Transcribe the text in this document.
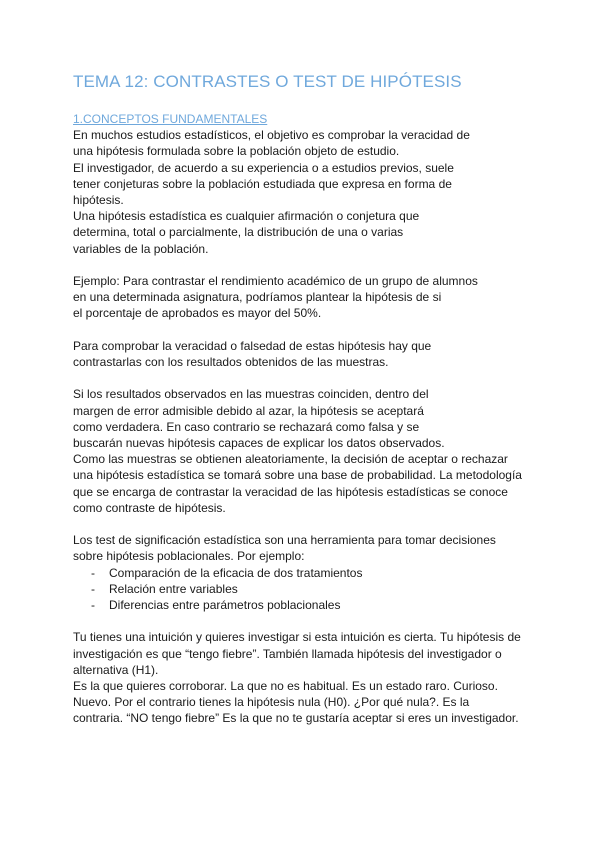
TEMA 12: CONTRASTES O TEST DE HIPÓTESIS
1.CONCEPTOS FUNDAMENTALES

En muchos estudios estadísticos, el objetivo es comprobar la veracidad de
una hipótesis formulada sobre la población objeto de estudio.
El investigador, de acuerdo a su experiencia o a estudios previos, suele
tener conjeturas sobre la población estudiada que expresa en forma de
hipótesis.
Una hipótesis estadística es cualquier afirmación o conjetura que
determina, total o parcialmente, la distribución de una o varias
variables de la población.

Ejemplo: Para contrastar el rendimiento académico de un grupo de alumnos
en una determinada asignatura, podríamos plantear la hipótesis de si
el porcentaje de aprobados es mayor del 50%.

Para comprobar la veracidad o falsedad de estas hipótesis hay que
contrastarlas con los resultados obtenidos de las muestras.

Si los resultados observados en las muestras coinciden, dentro del
margen de error admisible debido al azar, la hipótesis se aceptará
como verdadera. En caso contrario se rechazará como falsa y se
buscarán nuevas hipótesis capaces de explicar los datos observados.
Como las muestras se obtienen aleatoriamente, la decisión de aceptar o rechazar
una hipótesis estadística se tomará sobre una base de probabilidad. La metodología
que se encarga de contrastar la veracidad de las hipótesis estadísticas se conoce
como contraste de hipótesis.

Los test de significación estadística son una herramienta para tomar decisiones
sobre hipótesis poblacionales. Por ejemplo:

- Comparación de la eficacia de dos tratamientos
- Relación entre variables
- Diferencias entre parámetros poblacionales

Tu tienes una intuición y quieres investigar si esta intuición es cierta. Tu hipótesis de
investigación es que “tengo fiebre”. También llamada hipótesis del investigador o
alternativa (H1).
Es la que quieres corroborar. La que no es habitual. Es un estado raro. Curioso.
Nuevo. Por el contrario tienes la hipótesis nula (H0). ¿Por qué nula?. Es la
contraria. “NO tengo fiebre” Es la que no te gustaría aceptar si eres un investigador.
